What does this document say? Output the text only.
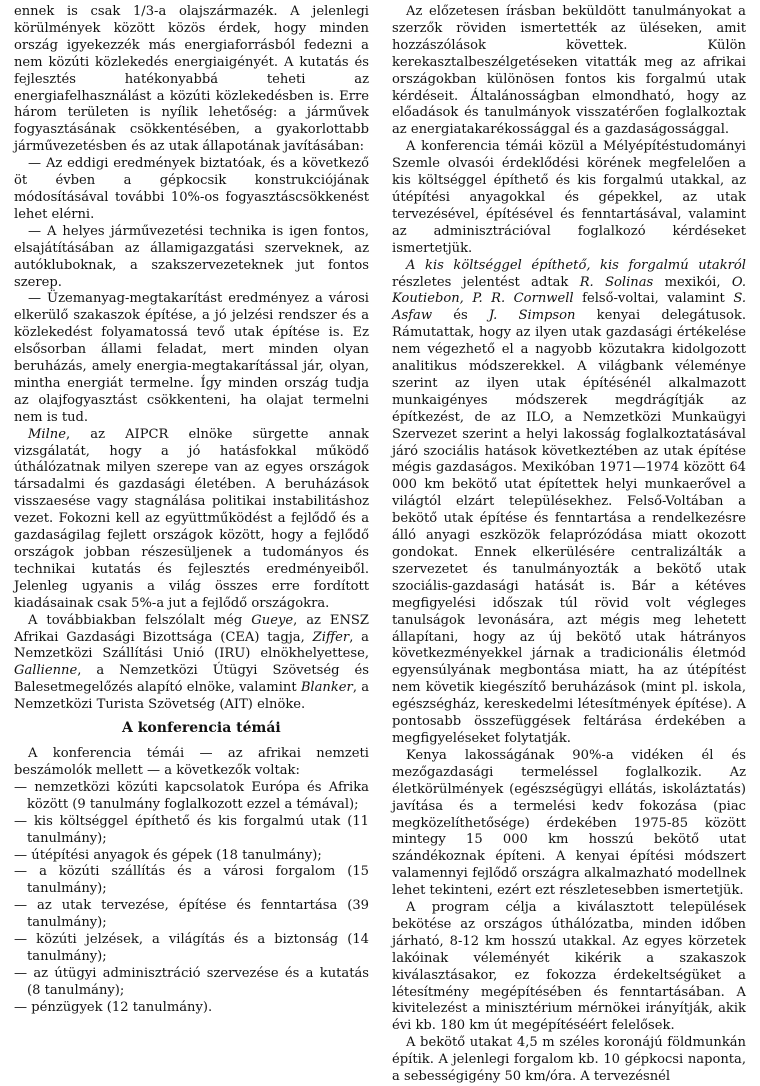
ennek is csak 1/3-a olajszármazék. A jelenlegi körülmények között közös érdek, hogy minden ország igyekezzék más energiaforrásból fedezni a nem közúti közlekedés energiaigényét. A kutatás és fejlesztés hatékonyabbá teheti az energiafelhasználást a közúti közlekedésben is. Erre három területen is nyílik lehetőség: a járművek fogyasztásának csökkentésében, a gyakorlottabb járművezetésben és az utak állapotának javításában:

— Az eddigi eredmények biztatóak, és a következő öt évben a gépkocsik konstrukciójának módosításával további 10%-os fogyasztáscsökkenést lehet elérni.

— A helyes járművezetési technika is igen fontos, elsajátításában az államigazgatási szerveknek, az autókluboknak, a szakszervezeteknek jut fontos szerep.

— Üzemanyag-megtakarítást eredményez a városi elkerülő szakaszok építése, a jó jelzési rendszer és a közlekedést folyamatossá tevő utak építése is. Ez elsősorban állami feladat, mert minden olyan beruházás, amely energia-megtakarítással jár, olyan, mintha energiát termelne. Így minden ország tudja az olajfogyasztást csökkenteni, ha olajat termelni nem is tud.

Milne, az AIPCR elnöke sürgette annak vizsgálatát, hogy a jó hatásfokkal működő úthálózatnak milyen szerepe van az egyes országok társadalmi és gazdasági életében. A beruházások visszaesése vagy stagnálása politikai instabilitáshoz vezet. Fokozni kell az együttműködést a fejlődő és a gazdaságilag fejlett országok között, hogy a fejlődő országok jobban részesüljenek a tudományos és technikai kutatás és fejlesztés eredményeiből. Jelenleg ugyanis a világ összes erre fordított kiadásainak csak 5%-a jut a fejlődő országokra.

A továbbiakban felszólalt még Gueye, az ENSZ Afrikai Gazdasági Bizottsága (CEA) tagja, Ziffer, a Nemzetközi Szállítási Unió (IRU) elnökhelyettese, Gallienne, a Nemzetközi Útügyi Szövetség és Balesetmegelőzés alapító elnöke, valamint Blanker, a Nemzetközi Turista Szövetség (AIT) elnöke.

A konferencia témái

A konferencia témái — az afrikai nemzeti beszámolók mellett — a következők voltak:

— nemzetközi közúti kapcsolatok Európa és Afrika között (9 tanulmány foglalkozott ezzel a témával);

— kis költséggel építhető és kis forgalmú utak (11 tanulmány);

— útépítési anyagok és gépek (18 tanulmány);

— a közúti szállítás és a városi forgalom (15 tanulmány);

— az utak tervezése, építése és fenntartása (39 tanulmány);

— közúti jelzések, a világítás és a biztonság (14 tanulmány);

— az útügyi adminisztráció szervezése és a kutatás (8 tanulmány);

— pénzügyek (12 tanulmány).

Az előzetesen írásban beküldött tanulmányokat a szerzők röviden ismertették az üléseken, amit hozzászólások követtek. Külön kerekasztalbeszélgetéseken vitatták meg az afrikai országokban különösen fontos kis forgalmú utak kérdéseit. Általánosságban elmondható, hogy az előadások és tanulmányok visszatérően foglalkoztak az energiatakarékossággal és a gazdaságossággal.

A konferencia témái közül a Mélyépítéstudományi Szemle olvasói érdeklődési körének megfelelően a kis költséggel építhető és kis forgalmú utakkal, az útépítési anyagokkal és gépekkel, az utak tervezésével, építésével és fenntartásával, valamint az adminisztrációval foglalkozó kérdéseket ismertetjük.

A kis költséggel építhető, kis forgalmú utakról részletes jelentést adtak R. Solinas mexikói, O. Koutiebon, P. R. Cornwell felső-voltai, valamint S. Asfaw és J. Simpson kenyai delegátusok. Rámutattak, hogy az ilyen utak gazdasági értékelése nem végezhető el a nagyobb közutakra kidolgozott analitikus módszerekkel. A világbank véleménye szerint az ilyen utak építésénél alkalmazott munkaigényes módszerek megdrágítják az építkezést, de az ILO, a Nemzetközi Munkaügyi Szervezet szerint a helyi lakosság foglalkoztatásával járó szociális hatások következtében az utak építése mégis gazdaságos. Mexikóban 1971—1974 között 64 000 km bekötő utat építettek helyi munkaerővel a világtól elzárt településekhez. Felső-Voltában a bekötő utak építése és fenntartása a rendelkezésre álló anyagi eszközök felaprózódása miatt okozott gondokat. Ennek elkerülésére centralizálták a szervezetet és tanulmányozták a bekötő utak szociális-gazdasági hatását is. Bár a kétéves megfigyelési időszak túl rövid volt végleges tanulságok levonására, azt mégis meg lehetett állapítani, hogy az új bekötő utak hátrányos következményekkel járnak a tradicionális életmód egyensúlyának megbontása miatt, ha az útépítést nem követik kiegészítő beruházások (mint pl. iskola, egészségház, kereskedelmi létesítmények építése). A pontosabb összefüggések feltárása érdekében a megfigyeléseket folytatják.

Kenya lakosságának 90%-a vidéken él és mezőgazdasági termeléssel foglalkozik. Az életkörülmények (egészségügyi ellátás, iskoláztatás) javítása és a termelési kedv fokozása (piac megközelíthetősége) érdekében 1975-85 között mintegy 15 000 km hosszú bekötő utat szándékoznak építeni. A kenyai építési módszert valamennyi fejlődő országra alkalmazható modellnek lehet tekinteni, ezért ezt részletesebben ismertetjük.

A program célja a kiválasztott települések bekötése az országos úthálózatba, minden időben járható, 8-12 km hosszú utakkal. Az egyes körzetek lakóinak véleményét kikérik a szakaszok kiválasztásakor, ez fokozza érdekeltségüket a létesítmény megépítésében és fenntartásában. A kivitelezést a minisztérium mérnökei irányítják, akik évi kb. 180 km út megépítéséért felelősek.

A bekötő utakat 4,5 m széles koronájú földmunkán építik. A jelenlegi forgalom kb. 10 gépkocsi naponta, a sebességigény 50 km/óra. A tervezésnél
